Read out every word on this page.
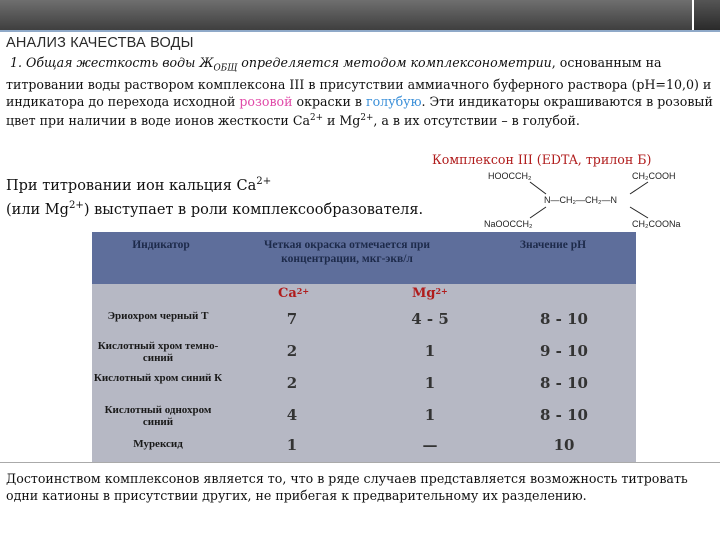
АНАЛИЗ КАЧЕСТВА ВОДЫ
1. Общая жесткость воды $Ж_{ОБЩ}$ определяется методом комплексонометрии, основанным на титровании воды раствором комплексона III в присутствии аммиачного буферного раствора (pH=10,0) и индикатора до перехода исходной розовой окраски в голубую. Эти индикаторы окрашиваются в розовый цвет при наличии в воде ионов жесткости $Ca^{2+}$ и $Mg^{2+}$, а в их отсутствии – в голубой.
Комплексон III (EDTA, трилон Б)
При титровании ион кальция $Ca^{2+}$
(или $Mg^{2+}$) выступает в роли комплексообразователя.
HOOCCH₂	CH₂COOH
N—CH₂—CH₂—N
NaOOCCH₂	CH₂COONa
Индикатор	Четкая окраска отмечается при концентрации, мкг-экв/л
Значение pH
$Ca^{2+}$	$Mg^{2+}$
Эриохром черный Т	7	4 - 5	8 - 10
Кислотный хром темно-синий	2	1	9 - 10
Кислотный хром синий К	2	1	8 - 10
Кислотный однохром синий	4	1	8 - 10
Мурексид	1	—	10
Достоинством комплексонов является то, что в ряде случаев представляется возможность титровать одни катионы в присутствии других, не прибегая к предварительному их разделению.
